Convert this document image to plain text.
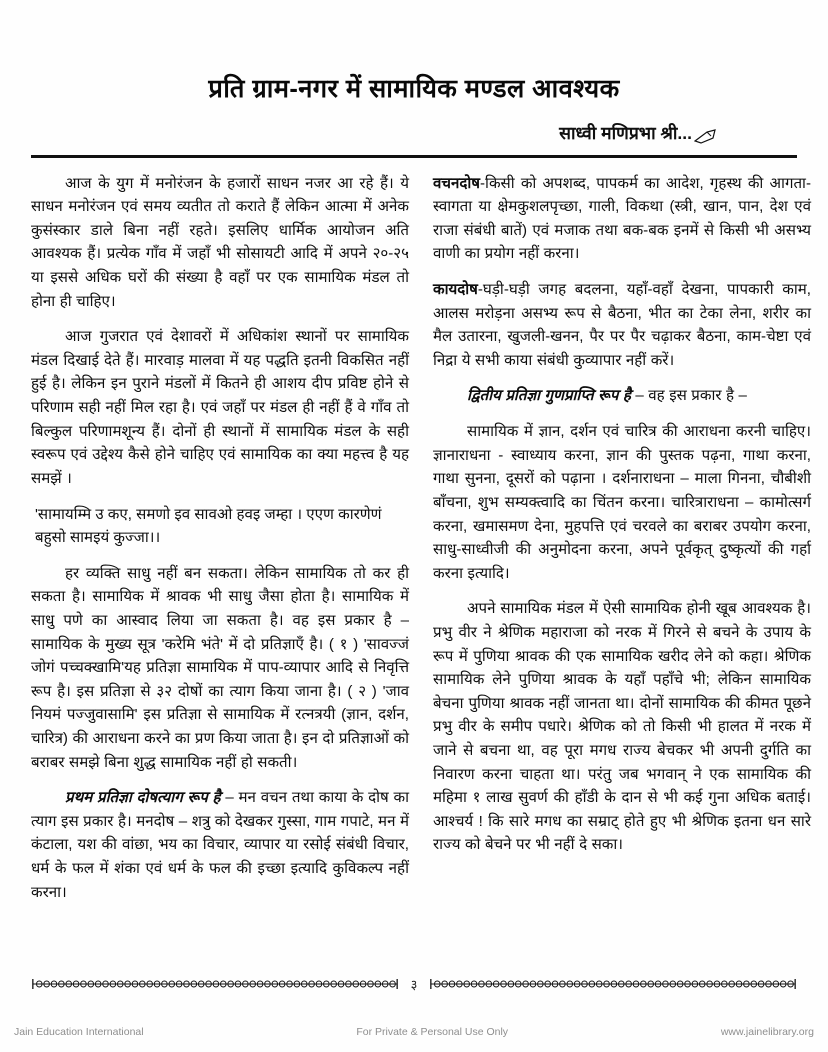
प्रति ग्राम-नगर में सामायिक मण्डल आवश्यक
साध्वी मणिप्रभा श्री...

आज के युग में मनोरंजन के हजारों साधन नजर आ रहे हैं। ये साधन मनोरंजन एवं समय व्यतीत तो कराते हैं लेकिन आत्मा में अनेक कुसंस्कार डाले बिना नहीं रहते। इसलिए धार्मिक आयोजन अति आवश्यक हैं। प्रत्येक गाँव में जहाँ भी सोसायटी आदि में अपने २०-२५ या इससे अधिक घरों की संख्या है वहाँ पर एक सामायिक मंडल तो होना ही चाहिए।

आज गुजरात एवं देशावरों में अधिकांश स्थानों पर सामायिक मंडल दिखाई देते हैं। मारवाड़ मालवा में यह पद्धति इतनी विकसित नहीं हुई है। लेकिन इन पुराने मंडलों में कितने ही आशय दीप प्रविष्ट होने से परिणाम सही नहीं मिल रहा है। एवं जहाँ पर मंडल ही नहीं हैं वे गाँव तो बिल्कुल परिणामशून्य हैं। दोनों ही स्थानों में सामायिक मंडल के सही स्वरूप एवं उद्देश्य कैसे होने चाहिए एवं सामायिक का क्या महत्त्व है यह समझें ।

'सामायम्मि उ कए, समणो इव सावओ हवइ जम्हा । एएण कारणेणं बहुसो सामइयं कुज्जा।।

हर व्यक्ति साधु नहीं बन सकता। लेकिन सामायिक तो कर ही सकता है। सामायिक में श्रावक भी साधु जैसा होता है। सामायिक में साधु पणे का आस्वाद लिया जा सकता है। वह इस प्रकार है – सामायिक के मुख्य सूत्र 'करेमि भंते' में दो प्रतिज्ञाएँ है। ( १ ) 'सावज्जं जोगं पच्चक्खामि'यह प्रतिज्ञा सामायिक में पाप-व्यापार आदि से निवृत्ति रूप है। इस प्रतिज्ञा से ३२ दोषों का त्याग किया जाना है। ( २ ) 'जाव नियमं पज्जुवासामि' इस प्रतिज्ञा से सामायिक में रत्नत्रयी (ज्ञान, दर्शन, चारित्र) की आराधना करने का प्रण किया जाता है। इन दो प्रतिज्ञाओं को बराबर समझे बिना शुद्ध सामायिक नहीं हो सकती।

प्रथम प्रतिज्ञा दोषत्याग रूप है – मन वचन तथा काया के दोष का त्याग इस प्रकार है। मनदोष – शत्रु को देखकर गुस्सा, गाम गपाटे, मन में कंटाला, यश की वांछा, भय का विचार, व्यापार या रसोई संबंधी विचार, धर्म के फल में शंका एवं धर्म के फल की इच्छा इत्यादि कुविकल्प नहीं करना।

वचनदोष-किसी को अपशब्द, पापकर्म का आदेश, गृहस्थ की आगता-स्वागता या क्षेमकुशलपृच्छा, गाली, विकथा (स्त्री, खान, पान, देश एवं राजा संबंधी बातें) एवं मजाक तथा बक-बक इनमें से किसी भी असभ्य वाणी का प्रयोग नहीं करना।

कायदोष-घड़ी-घड़ी जगह बदलना, यहाँ-वहाँ देखना, पापकारी काम, आलस मरोड़ना असभ्य रूप से बैठना, भीत का टेका लेना, शरीर का मैल उतारना, खुजली-खनन, पैर पर पैर चढ़ाकर बैठना, काम-चेष्टा एवं निद्रा ये सभी काया संबंधी कुव्यापार नहीं करें।

द्वितीय प्रतिज्ञा गुणप्राप्ति रूप है – वह इस प्रकार है –

सामायिक में ज्ञान, दर्शन एवं चारित्र की आराधना करनी चाहिए। ज्ञानाराधना - स्वाध्याय करना, ज्ञान की पुस्तक पढ़ना, गाथा करना, गाथा सुनना, दूसरों को पढ़ाना । दर्शनाराधना – माला गिनना, चौबीशी बाँचना, शुभ सम्यक्त्वादि का चिंतन करना। चारित्राराधना – कामोत्सर्ग करना, खमासमण देना, मुहपत्ति एवं चरवले का बराबर उपयोग करना, साधु-साध्वीजी की अनुमोदना करना, अपने पूर्वकृत् दुष्कृत्यों की गर्हा करना इत्यादि।

अपने सामायिक मंडल में ऐसी सामायिक होनी खूब आवश्यक है। प्रभु वीर ने श्रेणिक महाराजा को नरक में गिरने से बचने के उपाय के रूप में पुणिया श्रावक की एक सामायिक खरीद लेने को कहा। श्रेणिक सामायिक लेने पुणिया श्रावक के यहाँ पहाँचे भी; लेकिन सामायिक बेचना पुणिया श्रावक नहीं जानता था। दोनों सामायिक की कीमत पूछने प्रभु वीर के समीप पधारे। श्रेणिक को तो किसी भी हालत में नरक में जाने से बचना था, वह पूरा मगध राज्य बेचकर भी अपनी दुर्गति का निवारण करना चाहता था। परंतु जब भगवान् ने एक सामायिक की महिमा १ लाख सुवर्ण की हाँडी के दान से भी कई गुना अधिक बताई। आश्चर्य ! कि सारे मगध का सम्राट् होते हुए भी श्रेणिक इतना धन सारे राज्य को बेचने पर भी नहीं दे सका।

३
Jain Education International	For Private & Personal Use Only	www.jainelibrary.org
